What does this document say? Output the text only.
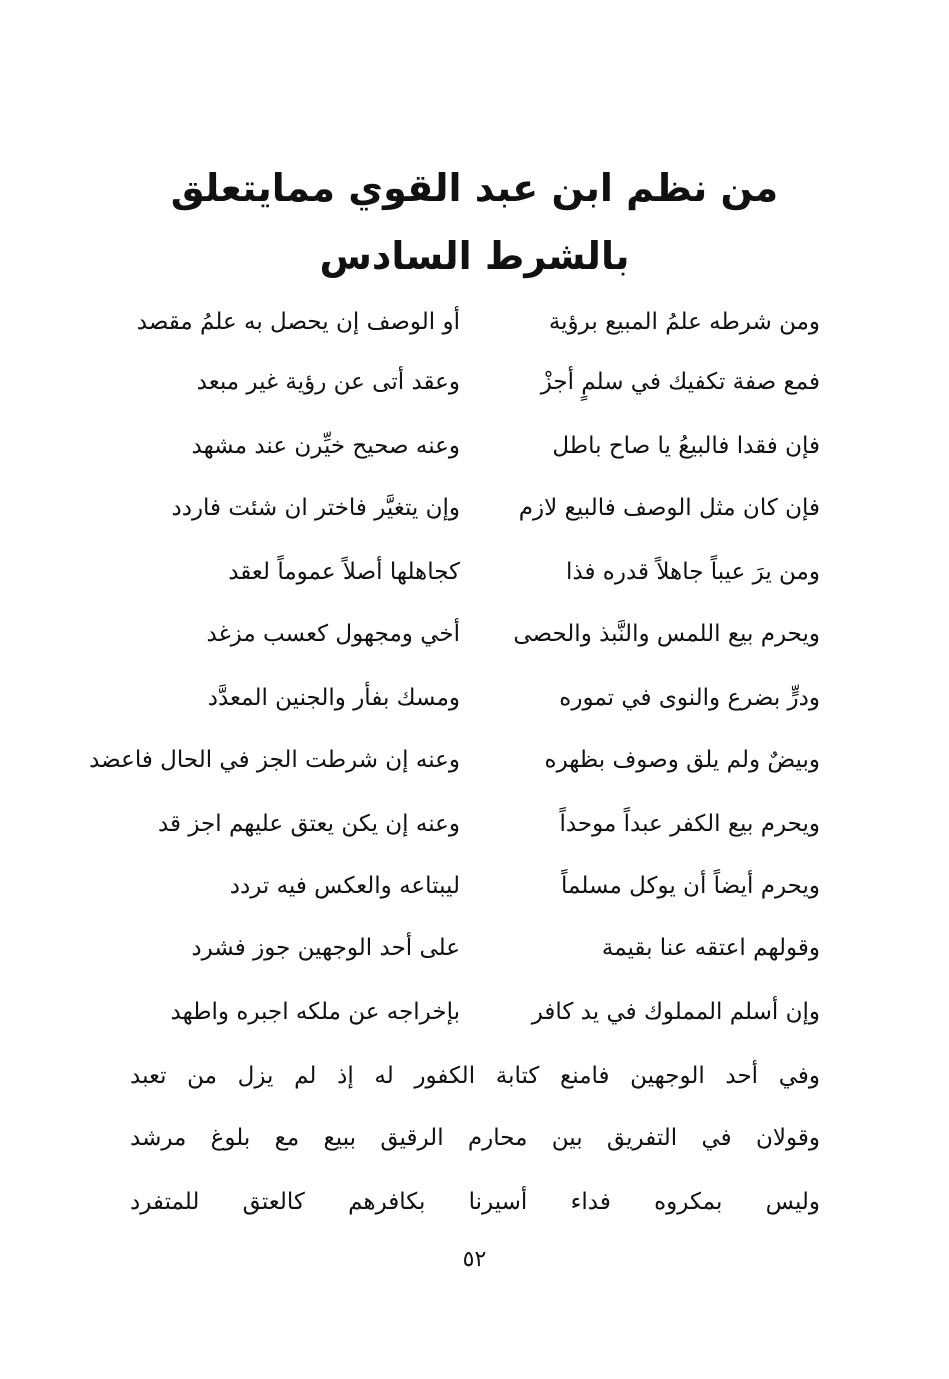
من نظم ابن عبد القوي ممايتعلق
بالشرط السادس
ومن شرطه علمُ المبيع برؤية
أو الوصف إن يحصل به علمُ مقصد
فمع صفة تكفيك في سلمٍ أجزْ
وعقد أتى عن رؤية غير مبعد
فإن فقدا فالبيعُ يا صاح باطل
وعنه صحيح خيِّرن عند مشهد
فإن كان مثل الوصف فالبيع لازم
وإن يتغيَّر فاختر ان شئت فاردد
ومن يرَ عيباً جاهلاً قدره فذا
كجاهلها أصلاً عموماً لعقد
ويحرم بيع اللمس والنَّبذ والحصى
أخي ومجهول كعسب مزغد
ودرٍّ بضرع والنوى في تموره
ومسك بفأر والجنين المعدَّد
وبيضٌ ولم يلق وصوف بظهره
وعنه إن شرطت الجز في الحال فاعضد
ويحرم بيع الكفر عبداً موحداً
وعنه إن يكن يعتق عليهم اجز قد
ويحرم أيضاً أن يوكل مسلماً
ليبتاعه والعكس فيه تردد
وقولهم اعتقه عنا بقيمة
على أحد الوجهين جوز فشرد
وإن أسلم المملوك في يد كافر
بإخراجه عن ملكه اجبره واطهد
وفي أحد الوجهين فامنع كتابة الكفور له إذ لم يزل من تعبد
وقولان في التفريق بين محارم الرقيق ببيع مع بلوغ مرشد
وليس بمكروه فداء أسيرنا بكافرهم كالعتق للمتفرد
٥٢
